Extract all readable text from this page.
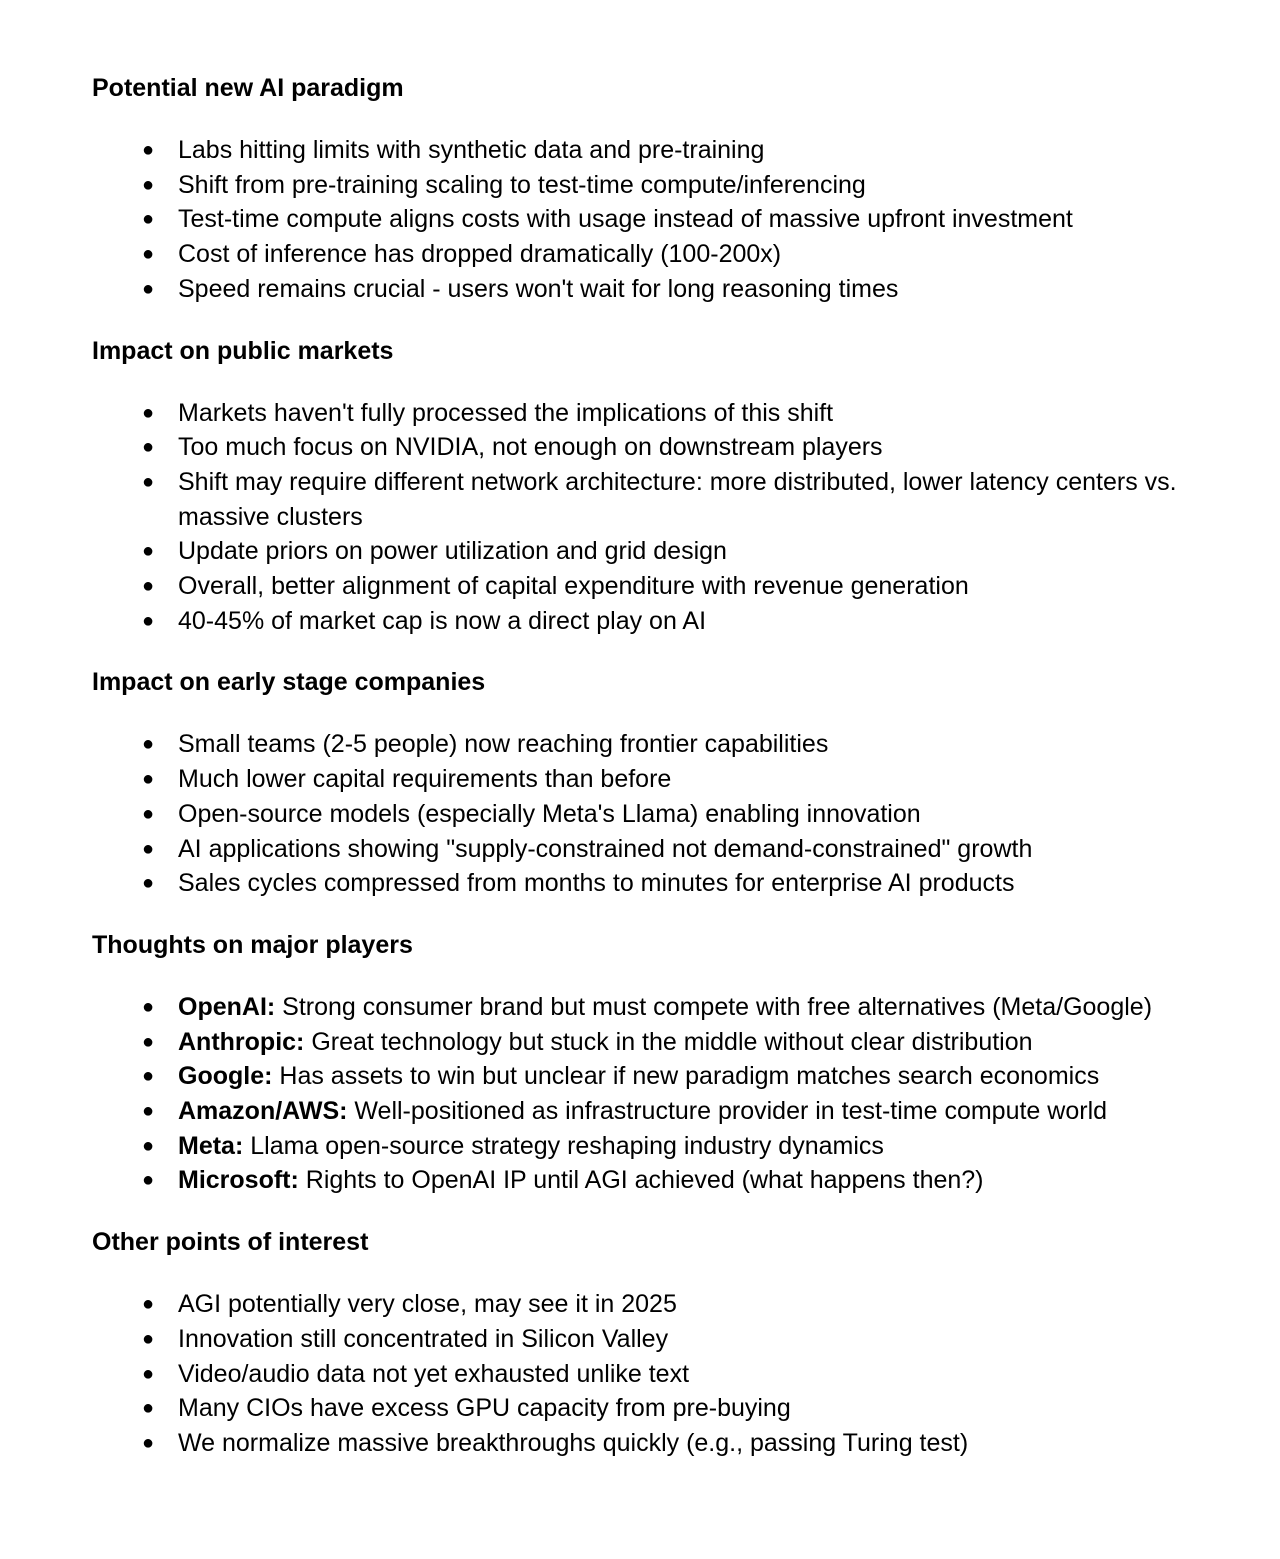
Potential new AI paradigm
● Labs hitting limits with synthetic data and pre-training
● Shift from pre-training scaling to test-time compute/inferencing
● Test-time compute aligns costs with usage instead of massive upfront investment
● Cost of inference has dropped dramatically (100-200x)
● Speed remains crucial - users won't wait for long reasoning times
Impact on public markets
● Markets haven't fully processed the implications of this shift
● Too much focus on NVIDIA, not enough on downstream players
● Shift may require different network architecture: more distributed, lower latency centers vs. massive clusters
● Update priors on power utilization and grid design
● Overall, better alignment of capital expenditure with revenue generation
● 40-45% of market cap is now a direct play on AI
Impact on early stage companies
● Small teams (2-5 people) now reaching frontier capabilities
● Much lower capital requirements than before
● Open-source models (especially Meta's Llama) enabling innovation
● AI applications showing "supply-constrained not demand-constrained" growth
● Sales cycles compressed from months to minutes for enterprise AI products
Thoughts on major players
● OpenAI: Strong consumer brand but must compete with free alternatives (Meta/Google)
● Anthropic: Great technology but stuck in the middle without clear distribution
● Google: Has assets to win but unclear if new paradigm matches search economics
● Amazon/AWS: Well-positioned as infrastructure provider in test-time compute world
● Meta: Llama open-source strategy reshaping industry dynamics
● Microsoft: Rights to OpenAI IP until AGI achieved (what happens then?)
Other points of interest
● AGI potentially very close, may see it in 2025
● Innovation still concentrated in Silicon Valley
● Video/audio data not yet exhausted unlike text
● Many CIOs have excess GPU capacity from pre-buying
● We normalize massive breakthroughs quickly (e.g., passing Turing test)
